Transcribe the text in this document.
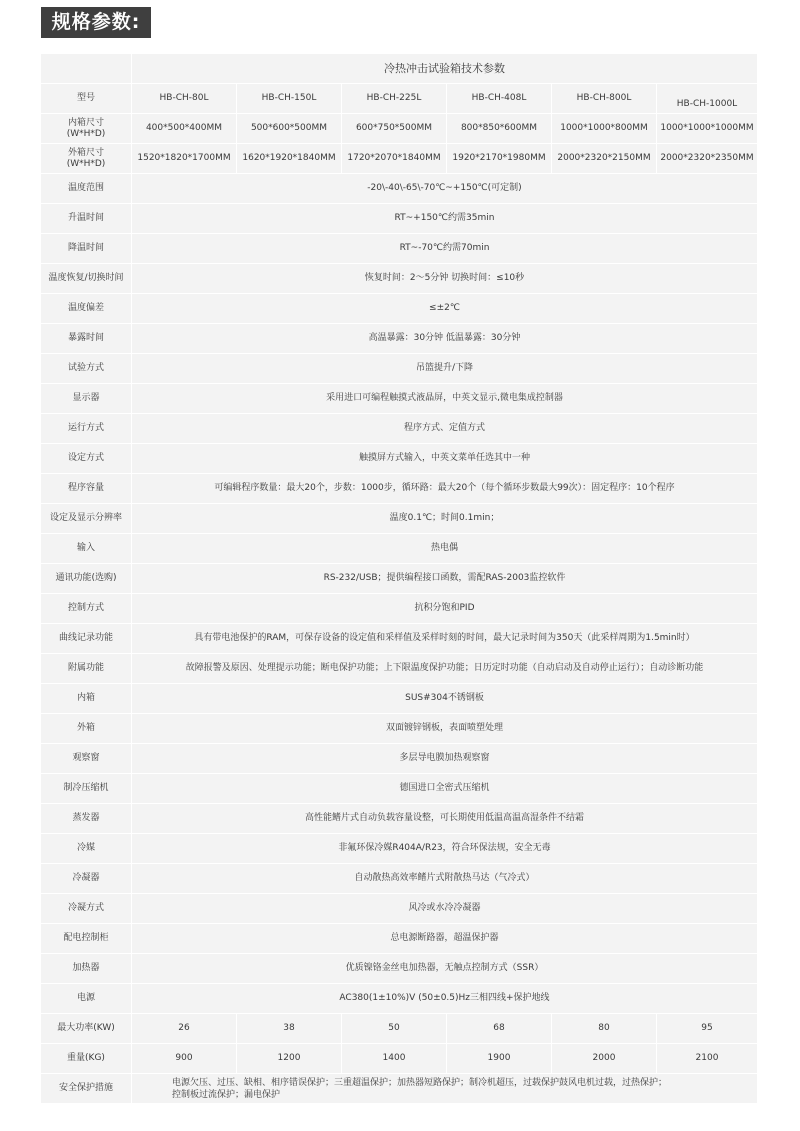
规格参数:
	冷热冲击试验箱技术参数					
型号	HB-CH-80L	HB-CH-150L	HB-CH-225L	HB-CH-408L	HB-CH-800L	HB-CH-1000L

内箱尺寸
(W*H*D)	400*500*400MM	500*600*500MM	600*750*500MM	800*850*600MM	1000*1000*800MM	1000*1000*1000MM

外箱尺寸
(W*H*D)	1520*1820*1700MM	1620*1920*1840MM	1720*2070*1840MM	1920*2170*1980MM	2000*2320*2150MM	2000*2320*2350MM
温度范围	-20\-40\-65\-70℃~+150℃(可定制)					
升温时间	RT~+150℃约需35min					
降温时间	RT~-70℃约需70min					
温度恢复/切换时间	恢复时间：2～5分钟 切换时间：≤10秒					
温度偏差	≤±2℃					
暴露时间	高温暴露：30分钟 低温暴露：30分钟					
试验方式	吊篮提升/下降					
显示器	采用进口可编程触摸式液晶屏，中英文显示,微电集成控制器					
运行方式	程序方式、定值方式					
设定方式	触摸屏方式输入，中英文菜单任选其中一种					
程序容量	可编辑程序数量：最大20个，步数：1000步，循环路：最大20个（每个循环步数最大99次）：固定程序：10个程序					
设定及显示分辨率	温度0.1℃；时间0.1min；					
输入	热电偶					
通讯功能(选购)	RS-232/USB；提供编程接口函数，需配RAS-2003监控软件					
控制方式	抗积分饱和PID					
曲线记录功能	具有带电池保护的RAM，可保存设备的设定值和采样值及采样时刻的时间，最大记录时间为350天（此采样周期为1.5min时）					
附属功能	故障报警及原因、处理提示功能；断电保护功能；上下限温度保护功能；日历定时功能（自动启动及自动停止运行）；自动诊断功能					
内箱	SUS#304不锈钢板					
外箱	双面镀锌钢板，表面喷塑处理					
观察窗	多层导电膜加热观察窗					
制冷压缩机	德国进口全密式压缩机					
蒸发器	高性能鳍片式自动负载容量设整，可长期使用低温高温高湿条件不结霜					
冷媒	非氟环保冷媒R404A/R23，符合环保法规，安全无毒					
冷凝器	自动散热高效率鳍片式附散热马达（气冷式）					
冷凝方式	风冷或水冷冷凝器					
配电控制柜	总电源断路器，超温保护器					
加热器	优质镍铬金丝电加热器，无触点控制方式（SSR）					
电源	AC380(1±10%)V (50±0.5)Hz三相四线+保护地线					
最大功率(KW)	26	38	50	68	80	95
重量(KG)	900	1200	1400	1900	2000	2100
安全保护措施	电源欠压、过压、缺相、相序错误保护；三重超温保护；加热器短路保护；制冷机超压，过载保护鼓风电机过载，过热保护；
控制板过流保护；漏电保护					
